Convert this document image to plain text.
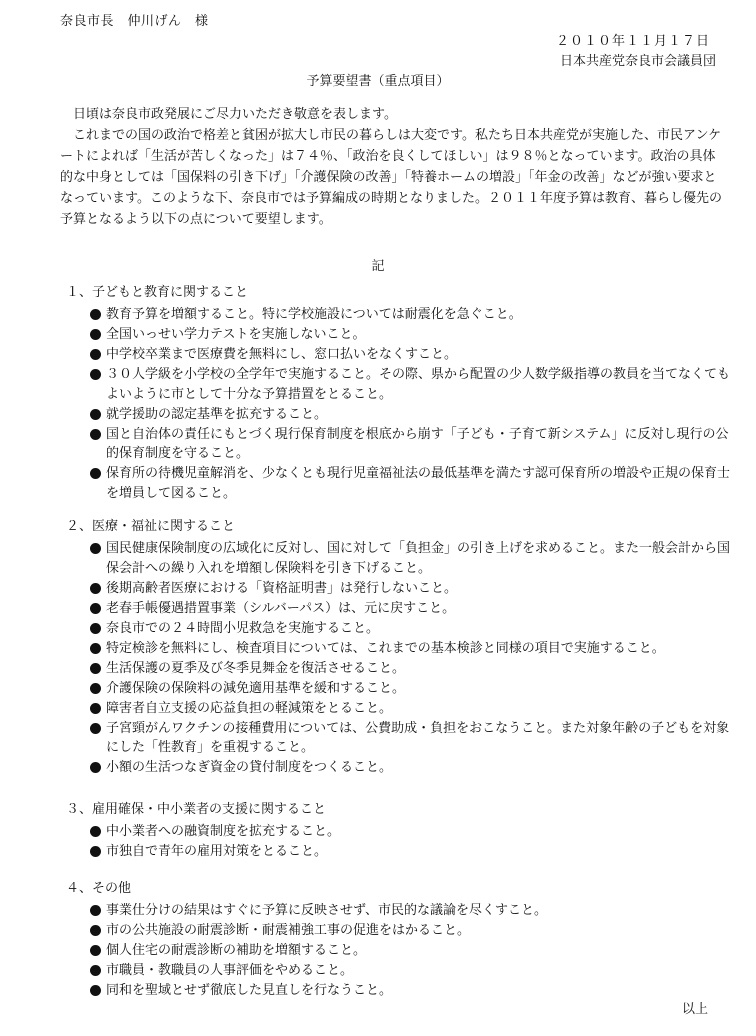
奈良市長　仲川げん　様
２０１０年１１月１７日
日本共産党奈良市会議員団
予算要望書（重点項目）

日頃は奈良市政発展にご尽力いただき敬意を表します。

これまでの国の政治で格差と貧困が拡大し市民の暮らしは大変です。私たち日本共産党が実施した、市民アンケートによれば「生活が苦しくなった」は７４％、「政治を良くしてほしい」は９８％となっています。政治の具体的な中身としては「国保料の引き下げ」「介護保険の改善」「特養ホームの増設」「年金の改善」などが強い要求となっています。このような下、奈良市では予算編成の時期となりました。２０１１年度予算は教育、暮らし優先の予算となるよう以下の点について要望します。

記
１、子どもと教育に関すること
教育予算を増額すること。特に学校施設については耐震化を急ぐこと。
全国いっせい学力テストを実施しないこと。
中学校卒業まで医療費を無料にし、窓口払いをなくすこと。
３０人学級を小学校の全学年で実施すること。その際、県から配置の少人数学級指導の教員を当てなくてもよいように市として十分な予算措置をとること。
就学援助の認定基準を拡充すること。
国と自治体の責任にもとづく現行保育制度を根底から崩す「子ども・子育て新システム」に反対し現行の公的保育制度を守ること。
保育所の待機児童解消を、少なくとも現行児童福祉法の最低基準を満たす認可保育所の増設や正規の保育士を増員して図ること。
２、医療・福祉に関すること
国民健康保険制度の広域化に反対し、国に対して「負担金」の引き上げを求めること。また一般会計から国保会計への繰り入れを増額し保険料を引き下げること。
後期高齢者医療における「資格証明書」は発行しないこと。
老春手帳優遇措置事業（シルバーパス）は、元に戻すこと。
奈良市での２４時間小児救急を実施すること。
特定検診を無料にし、検査項目については、これまでの基本検診と同様の項目で実施すること。
生活保護の夏季及び冬季見舞金を復活させること。
介護保険の保険料の減免適用基準を緩和すること。
障害者自立支援の応益負担の軽減策をとること。
子宮頸がんワクチンの接種費用については、公費助成・負担をおこなうこと。また対象年齢の子どもを対象にした「性教育」を重視すること。
小額の生活つなぎ資金の貸付制度をつくること。
３、雇用確保・中小業者の支援に関すること
中小業者への融資制度を拡充すること。
市独自で青年の雇用対策をとること。
４、その他
事業仕分けの結果はすぐに予算に反映させず、市民的な議論を尽くすこと。
市の公共施設の耐震診断・耐震補強工事の促進をはかること。
個人住宅の耐震診断の補助を増額すること。
市職員・教職員の人事評価をやめること。
同和を聖域とせず徹底した見直しを行なうこと。
以上
